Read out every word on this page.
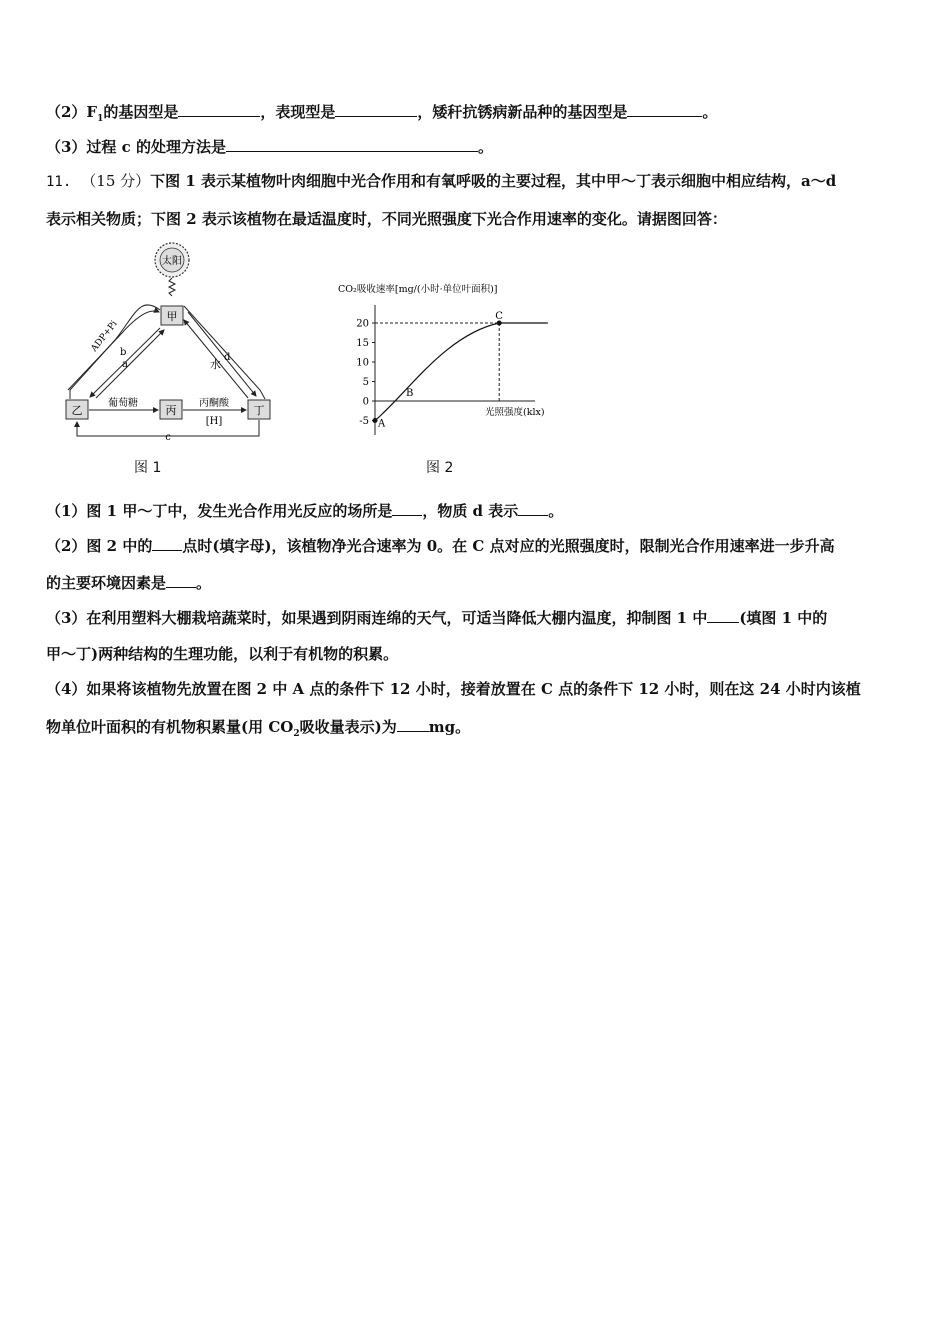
$(2)F_1$的基因型是	，表现型是	，矮秆抗锈病新品种的基因型是	。
（3）过程 c 的处理方法是	。
11. （15 分）下图 1 表示某植物叶肉细胞中光合作用和有氧呼吸的主要过程，其中甲～丁表示细胞中相应结构，a～d
表示相关物质；下图 2 表示该植物在最适温度时，不同光照强度下光合作用速率的变化。请据图回答：
太阳
甲
乙	丙	丁
ADP+Pi b
a	水
d
葡萄糖	丙酮酸
[H]
c
图 1
CO₂吸收速率[mg/(小时·单位叶面积)]
光照强度(klx)
20
15
10
5
0
-5 A
B
C
图 2
（1）图 1 甲～丁中，发生光合作用光反应的场所是 ，物质 d 表示 。
（2）图 2 中的 点时(填字母)，该植物净光合速率为 0。在 C 点对应的光照强度时，限制光合作用速率进一步升高
的主要环境因素是 。
（3）在利用塑料大棚栽培蔬菜时，如果遇到阴雨连绵的天气，可适当降低大棚内温度，抑制图 1 中 (填图 1 中的
甲～丁)两种结构的生理功能，以利于有机物的积累。
（4）如果将该植物先放置在图 2 中 A 点的条件下 12 小时，接着放置在 C 点的条件下 12 小时，则在这 24 小时内该植
物单位叶面积的有机物积累量(用 $CO_2$吸收量表示)为 mg。
